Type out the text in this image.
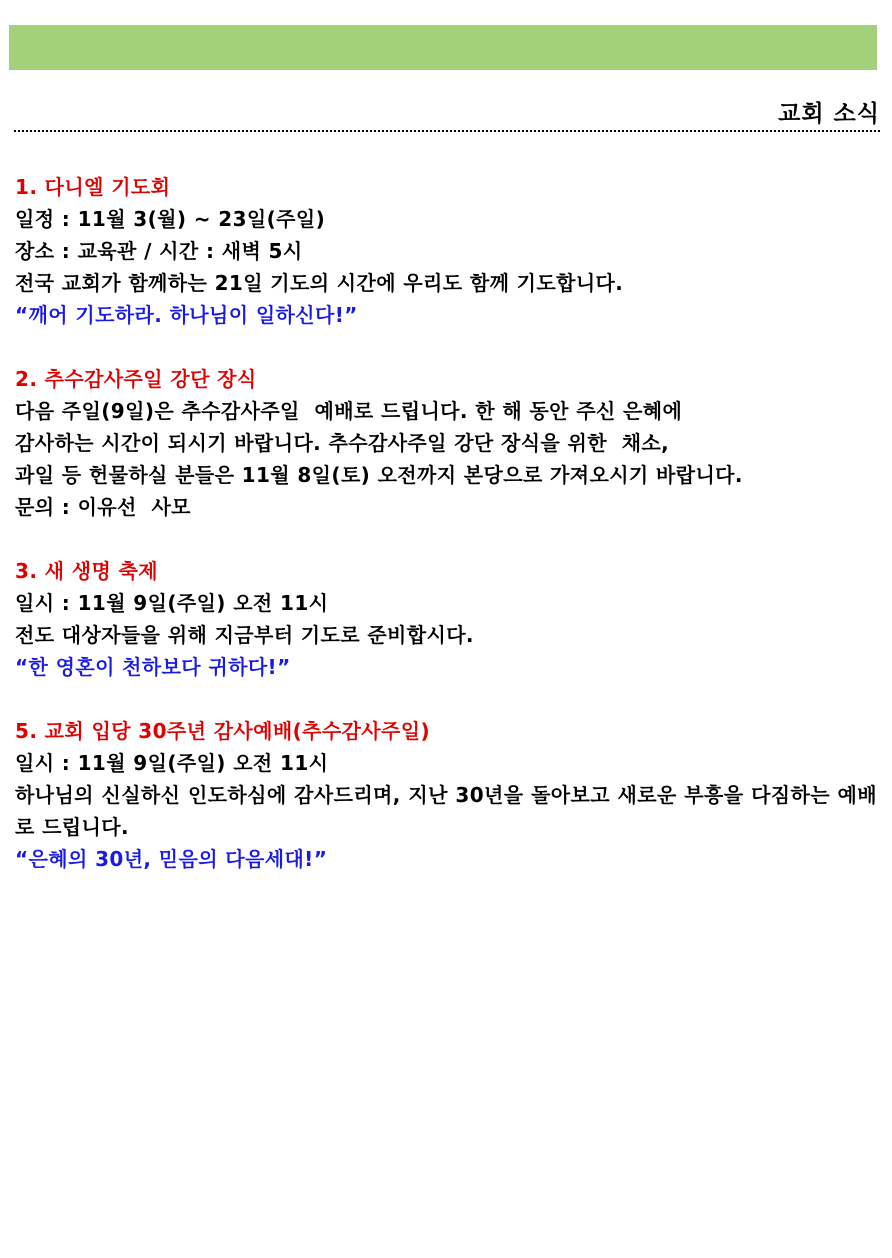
교회 소식
1. 다니엘 기도회
일정 : 11월 3(월) ~ 23일(주일)
장소 : 교육관 / 시간 : 새벽 5시
전국 교회가 함께하는 21일 기도의 시간에 우리도 함께 기도합니다.
“깨어 기도하라. 하나님이 일하신다!”
2. 추수감사주일 강단 장식
다음 주일(9일)은 추수감사주일  예배로 드립니다. 한 해 동안 주신 은혜에
감사하는 시간이 되시기 바랍니다. 추수감사주일 강단 장식을 위한  채소,
과일 등 헌물하실 분들은 11월 8일(토) 오전까지 본당으로 가져오시기 바랍니다.
문의 : 이유선  사모
3. 새 생명 축제
일시 : 11월 9일(주일) 오전 11시
전도 대상자들을 위해 지금부터 기도로 준비합시다.
“한 영혼이 천하보다 귀하다!”
5. 교회 입당 30주년 감사예배(추수감사주일)
일시 : 11월 9일(주일) 오전 11시
하나님의 신실하신 인도하심에 감사드리며, 지난 30년을 돌아보고 새로운 부흥을 다짐하는 예배로 드립니다.
“은혜의 30년, 믿음의 다음세대!”
